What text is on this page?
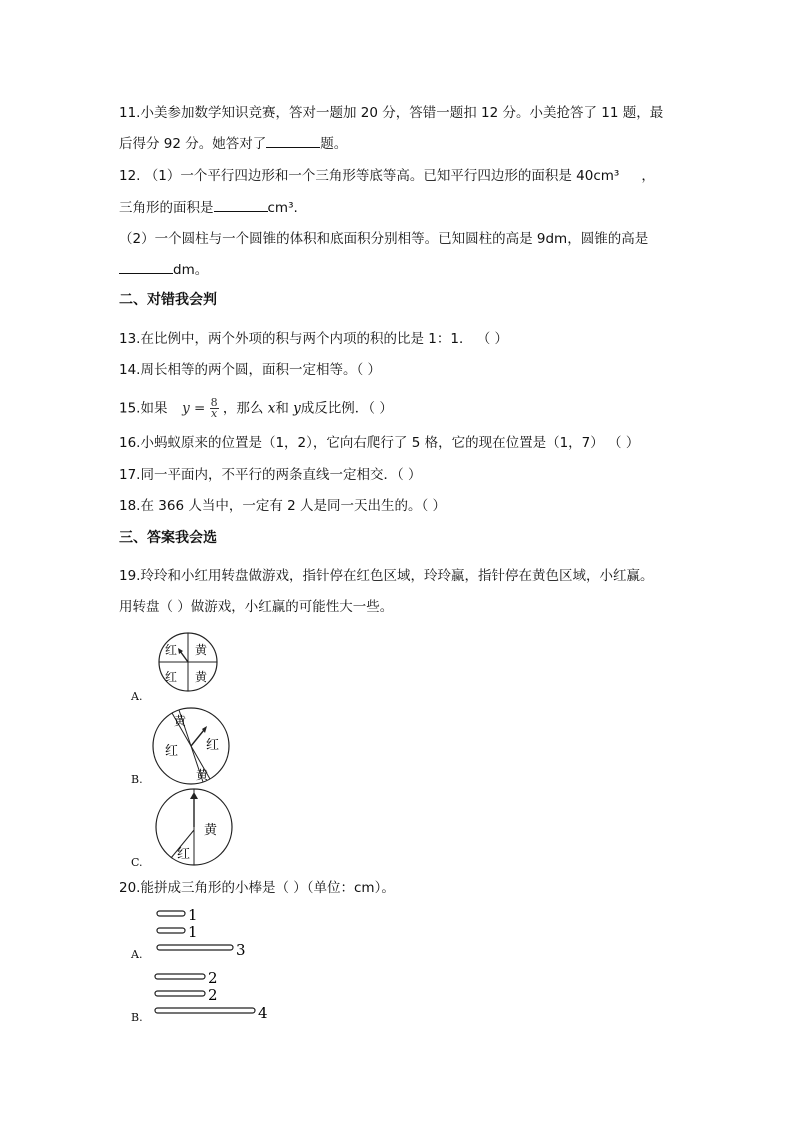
11.小美参加数学知识竞赛，答对一题加 20 分，答错一题扣 12 分。小美抢答了 11 题，最
后得分 92 分。她答对了	题。
12. （1）一个平行四边形和一个三角形等底等高。已知平行四边形的面积是 40cm³ ，
三角形的面积是	cm³.
（2）一个圆柱与一个圆锥的体积和底面积分别相等。已知圆柱的高是 9dm，圆锥的高是
dm。
二、对错我会判
13.在比例中，两个外项的积与两个内项的积的比是 1：1． （ ）
14.周长相等的两个圆，面积一定相等。（ ）
15.如果 $y = \frac{8}{x}$ ，那么 x和 y成反比例．（ ）
16.小蚂蚁原来的位置是（1，2），它向右爬行了 5 格，它的现在位置是（1，7） （ ）
17.同一平面内，不平行的两条直线一定相交．（ ）
18.在 366 人当中，一定有 2 人是同一天出生的。（ ）
三、答案我会选
19.玲玲和小红用转盘做游戏，指针停在红色区域，玲玲赢，指针停在黄色区域，小红赢。
用转盘（ ）做游戏，小红赢的可能性大一些。
红 黄
红 黄
A.
黄
红 红
黄
B.
黄
红
C.
20.能拼成三角形的小棒是（ ）（单位：cm）。
1
1
3
A.
2
2
4
B.
